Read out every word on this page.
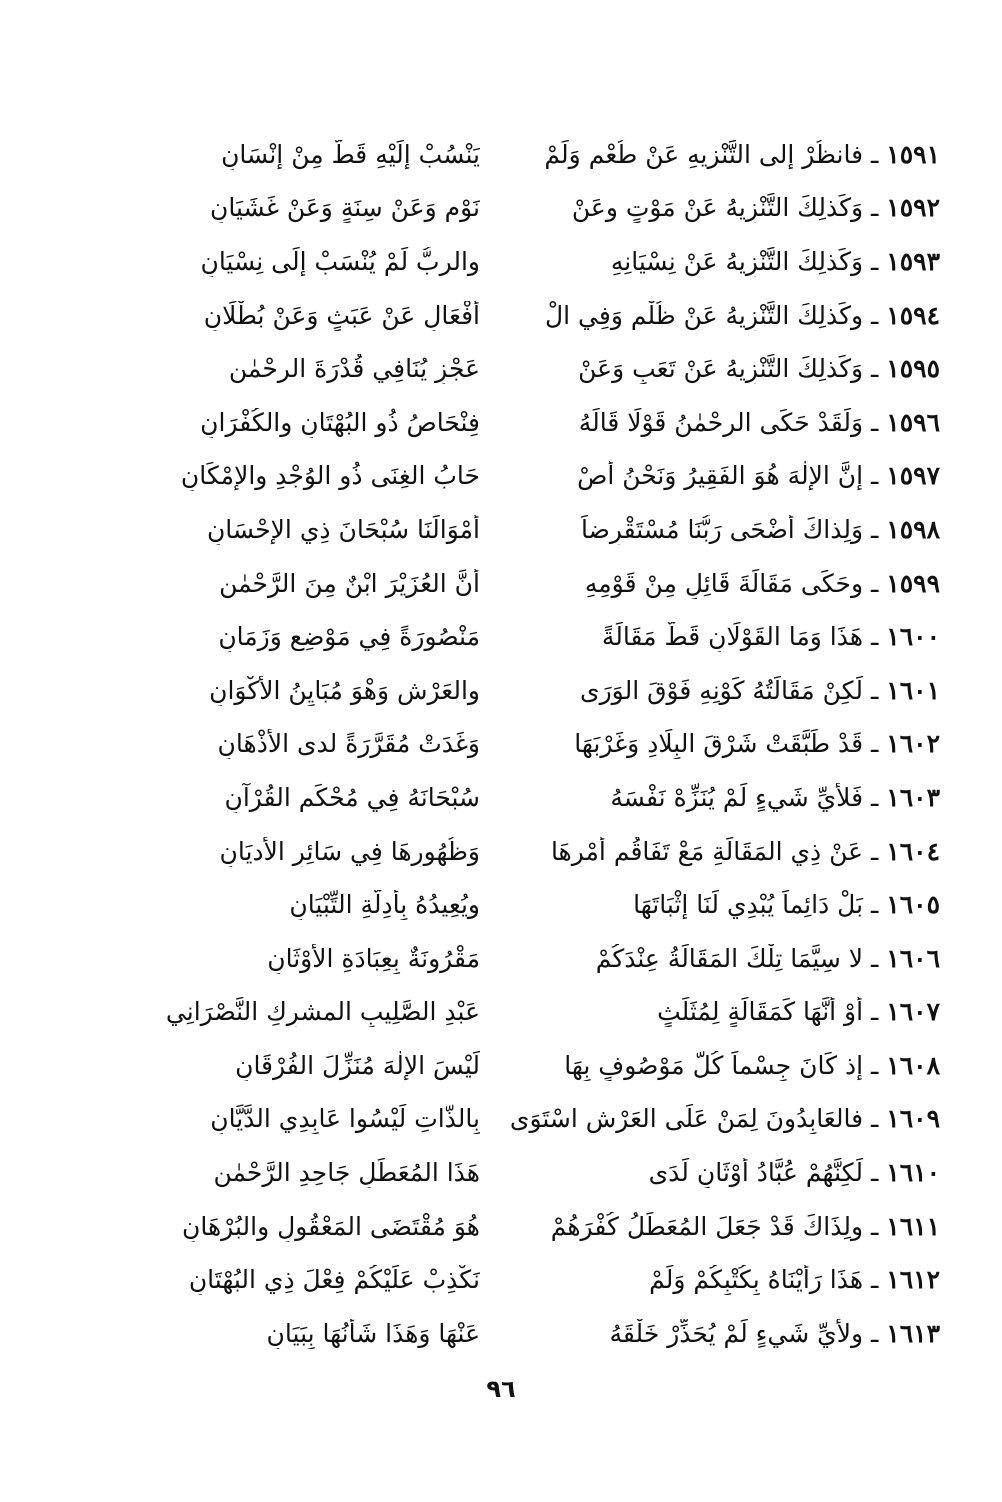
١٥٩١ ـ فانظُرْ إلى التَّنْزيهِ عَنْ طُعْمٍ وَلَمْ
يَنْسُبْ إِلَيْهِ قَطُّ مِنْ إِنْسَانِ
١٥٩٢ ـ وَكَذلِكَ التَّنْزِيهُ عَنْ مَوْتٍ وعَنْ
نَوْمٍ وَعَنْ سِنَةٍ وَعَنْ غَشَيَانِ
١٥٩٣ ـ وَكَذلِكَ التَّنْزِيهُ عَنْ نِسْيَانِهِ
والربُّ لَمْ يُنْسَبْ إِلَى نِسْيَانِ
١٥٩٤ ـ وكَذلِكَ التَّنْزِيهُ عَنْ ظُلْمٍ وَفِي الْ
أَفْعَالِ عَنْ عَبَثٍ وَعَنْ بُطْلَانِ
١٥٩٥ ـ وَكَذلِكَ التَّنْزِيهُ عَنْ تَعَبٍ وَعَنْ
عَجْزٍ يُنَافِي قُدْرَةَ الرحْمٰنِ
١٥٩٦ ـ وَلَقَدْ حَكَى الرحْمٰنُ قَوْلًا قَالَهُ
فِنْحَاصُ ذُو البُهْتَانِ والكُفْرَانِ
١٥٩٧ ـ إِنَّ الإلٰهَ هُوَ الفَقِيرُ وَنَحْنُ أَصْ
حَابُ الغِنَى ذُو الوُجْدِ والإِمْكَانِ
١٥٩٨ ـ وَلِذاكَ أَضْحَى رَبُّنَا مُسْتَقْرِضاً
أَمْوَالَنَا سُبْحَانَ ذِي الإِحْسَانِ
١٥٩٩ ـ وحَكَى مَقَالَةَ قَائِلٍ مِنْ قَوْمِهِ
أَنَّ العُزَيْرَ ابْنٌ مِنَ الرَّحْمٰنِ
١٦٠٠ ـ هَذَا وَمَا القَوْلَانِ قَطُّ مَقَالَةً
مَنْصُورَةً فِي مَوْضِعٍ وَزَمَانِ
١٦٠١ ـ لَكِنْ مَقَالَتُهُ كَوْنِهِ فَوْقَ الوَرَى
والعَرْشِ وَهْوَ مُبَايِنُ الأَكْوَانِ
١٦٠٢ ـ قَدْ طَبَّقَتْ شَرْقَ البِلَادِ وَغَرْبَهَا
وَغَدَتْ مُقَرَّرَةً لدى الأَذْهَانِ
١٦٠٣ ـ فَلأَيِّ شَيءٍ لَمْ يُنَزِّهْ نَفْسَهُ
سُبْحَانَهُ فِي مُحْكَمِ القُرْآنِ
١٦٠٤ ـ عَنْ ذِي المَقَالَةِ مَعْ تَفَاقُمِ أَمْرِهَا
وَظُهُورِهَا فِي سَائِرِ الأديَانِ
١٦٠٥ ـ بَلْ دَائِماً يُبْدِي لَنَا إِثْبَاتَهَا
ويُعِيدُهُ بِأَدِلَّةِ التِّبْيَانِ
١٦٠٦ ـ لا سِيَّمَا تِلْكَ المَقَالَةُ عِنْدَكُمْ
مَقْرُونَةٌ بِعِبَادَةِ الأَوْثَانِ
١٦٠٧ ـ أَوْ أَنَّهَا كَمَقَالَةٍ لِمُثَلِّثٍ
عَبْدِ الصَّلِيبِ المشرِكِ النَّصْرَانِي
١٦٠٨ ـ إذ كَانَ جِسْماً كُلُّ مَوْصُوفٍ بِهَا
لَيْسَ الإِلٰهَ مُنَزِّلَ الفُرْقَانِ
١٦٠٩ ـ فالعَابِدُونَ لِمَنْ عَلَى العَرْشِ اسْتَوَى
بِالذَّاتِ لَيْسُوا عَابِدِي الدَّيَّانِ
١٦١٠ ـ لَكِنَّهُمْ عُبَّادُ أَوْثَانٍ لَدَى
هَذَا المُعَطِّلِ جَاحِدِ الرَّحْمٰنِ
١٦١١ ـ ولِذَاكَ قَدْ جَعَلَ المُعَطِّلُ كُفْرَهُمْ
هُوَ مُقْتَضَى المَعْقُولِ والبُرْهَانِ
١٦١٢ ـ هَذَا رَأَيْنَاهُ بِكُتْبِكُمْ وَلَمْ
نَكْذِبْ عَلَيْكُمْ فِعْلَ ذِي البُهْتَانِ
١٦١٣ ـ ولأَيِّ شَيءٍ لَمْ يُحَذِّرْ خَلْقَهُ
عَنْهَا وَهَذَا شَأْنُهَا بِبَيَانِ
٩٦
